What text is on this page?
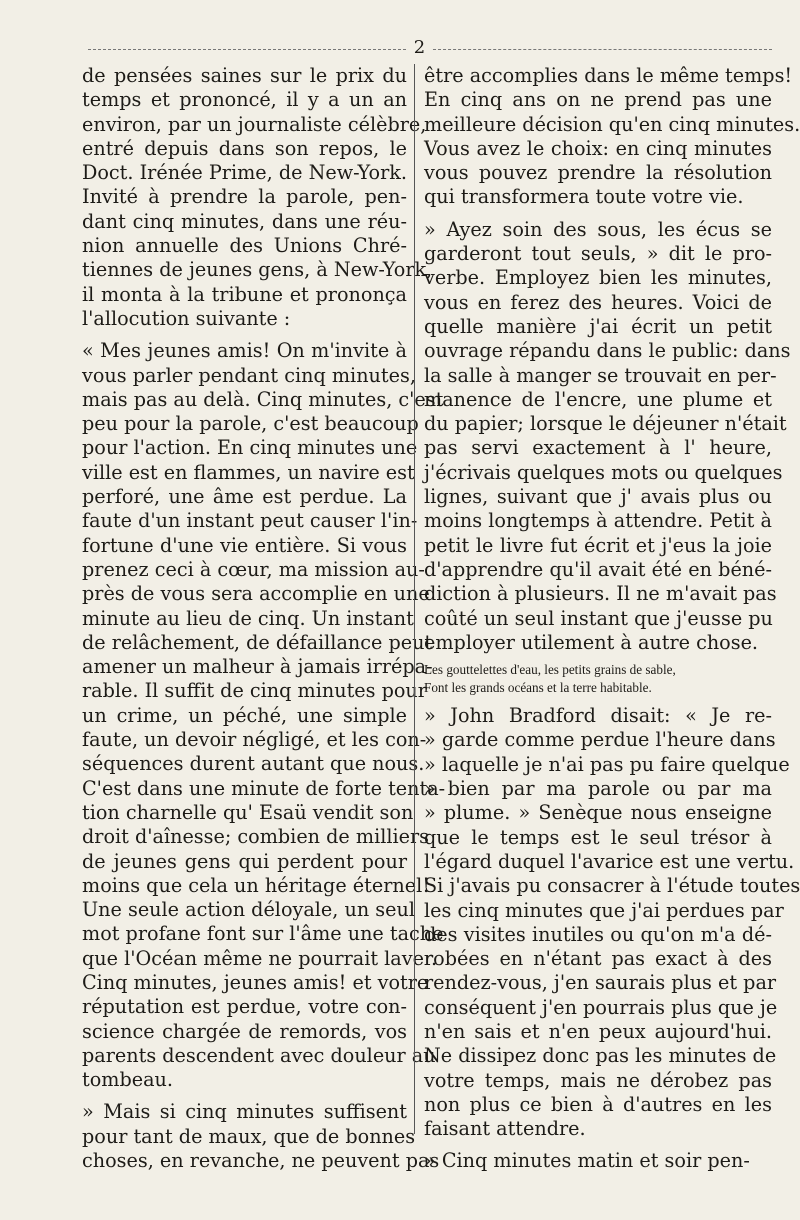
2
de pensées saines sur le prix du
temps et prononcé, il y a un an
environ, par un journaliste célèbre,
entré depuis dans son repos, le
Doct. Irénée Prime, de New-York.
Invité à prendre la parole, pen-
dant cinq minutes, dans une réu-
nion annuelle des Unions Chré-
tiennes de jeunes gens, à New-York,
il monta à la tribune et prononça
l'allocution suivante :
« Mes jeunes amis! On m'invite à
vous parler pendant cinq minutes,
mais pas au delà. Cinq minutes, c'est
peu pour la parole, c'est beaucoup
pour l'action. En cinq minutes une
ville est en flammes, un navire est
perforé, une âme est perdue. La
faute d'un instant peut causer l'in-
fortune d'une vie entière. Si vous
prenez ceci à cœur, ma mission au-
près de vous sera accomplie en une
minute au lieu de cinq. Un instant
de relâchement, de défaillance peut
amener un malheur à jamais irrépa-
rable. Il suffit de cinq minutes pour
un crime, un péché, une simple
faute, un devoir négligé, et les con-
séquences durent autant que nous.
C'est dans une minute de forte tenta-
tion charnelle qu' Esaü vendit son
droit d'aînesse; combien de milliers
de jeunes gens qui perdent pour
moins que cela un héritage éternel!
Une seule action déloyale, un seul
mot profane font sur l'âme une tache
que l'Océan même ne pourrait laver.
Cinq minutes, jeunes amis! et votre
réputation est perdue, votre con-
science chargée de remords, vos
parents descendent avec douleur au
tombeau.
» Mais si cinq minutes suffisent
pour tant de maux, que de bonnes
choses, en revanche, ne peuvent pas
être accomplies dans le même temps!
En cinq ans on ne prend pas une
meilleure décision qu'en cinq minutes.
Vous avez le choix: en cinq minutes
vous pouvez prendre la résolution
qui transformera toute votre vie.
» Ayez soin des sous, les écus se
garderont tout seuls, » dit le pro-
verbe. Employez bien les minutes,
vous en ferez des heures. Voici de
quelle manière j'ai écrit un petit
ouvrage répandu dans le public: dans
la salle à manger se trouvait en per-
manence de l'encre, une plume et
du papier; lorsque le déjeuner n'était
pas servi exactement à l' heure,
j'écrivais quelques mots ou quelques
lignes, suivant que j' avais plus ou
moins longtemps à attendre. Petit à
petit le livre fut écrit et j'eus la joie
d'apprendre qu'il avait été en béné-
diction à plusieurs. Il ne m'avait pas
coûté un seul instant que j'eusse pu
employer utilement à autre chose.
Les gouttelettes d'eau, les petits grains de sable,
Font les grands océans et la terre habitable.
» John Bradford disait: « Je re-
» garde comme perdue l'heure dans
» laquelle je n'ai pas pu faire quelque
» bien par ma parole ou par ma
» plume. » Senèque nous enseigne
que le temps est le seul trésor à
l'égard duquel l'avarice est une vertu.
Si j'avais pu consacrer à l'étude toutes
les cinq minutes que j'ai perdues par
des visites inutiles ou qu'on m'a dé-
robées en n'étant pas exact à des
rendez-vous, j'en saurais plus et par
conséquent j'en pourrais plus que je
n'en sais et n'en peux aujourd'hui.
Ne dissipez donc pas les minutes de
votre temps, mais ne dérobez pas
non plus ce bien à d'autres en les
faisant attendre.
» Cinq minutes matin et soir pen-
